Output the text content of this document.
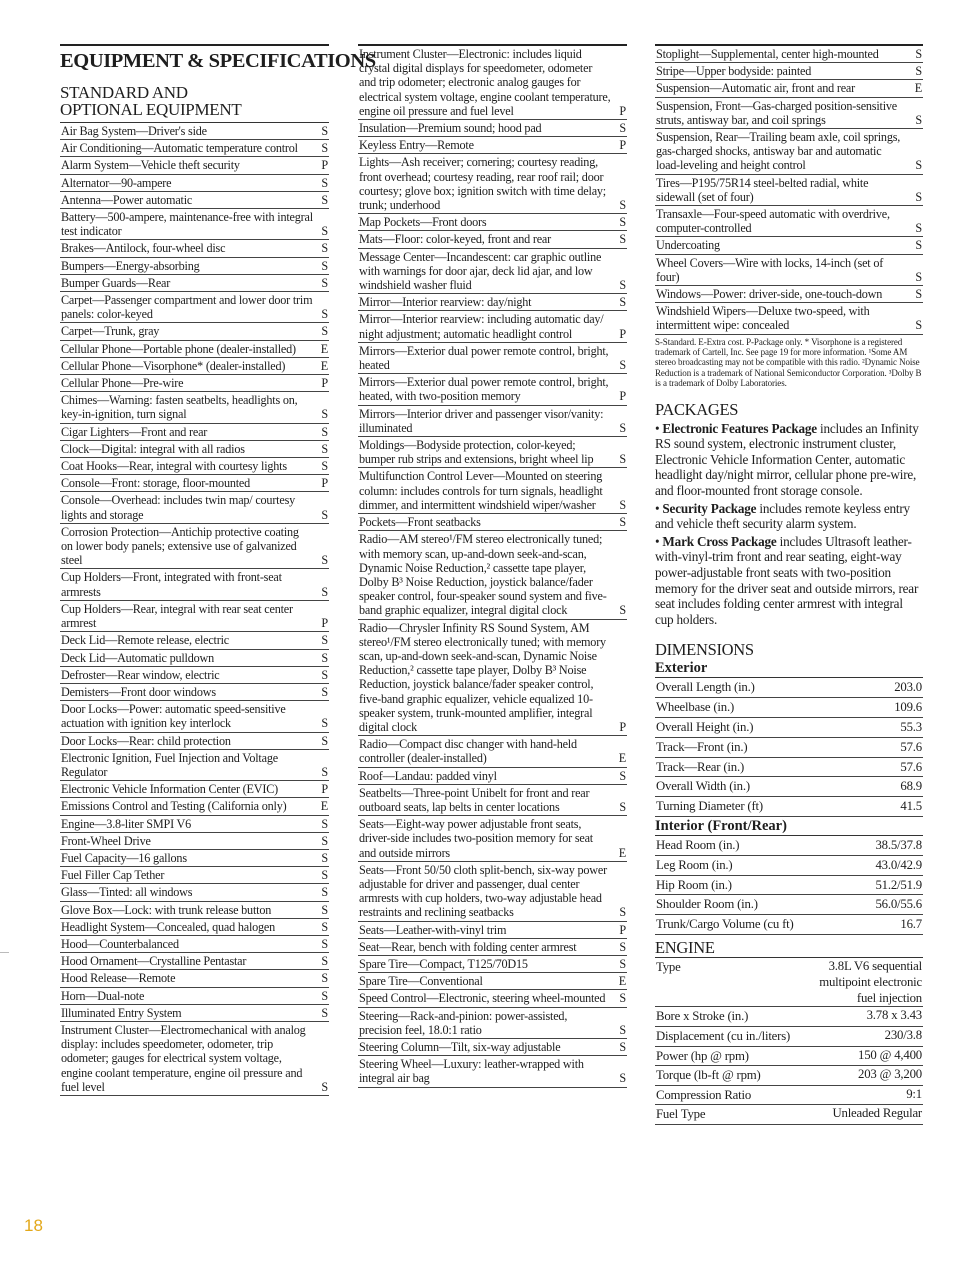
EQUIPMENT & SPECIFICATIONS
STANDARD AND
OPTIONAL EQUIPMENT
Air Bag System—Driver's side	S
Air Conditioning—Automatic temperature control S
Alarm System—Vehicle theft security	P
Alternator—90-ampere	S
Antenna—Power automatic	S
Battery—500-ampere, maintenance-free with integral test indicator	S
Brakes—Antilock, four-wheel disc	S
Bumpers—Energy-absorbing	S
Bumper Guards—Rear	S
Carpet—Passenger compartment and lower door trim panels: color-keyed	S
Carpet—Trunk, gray	S
Cellular Phone—Portable phone (dealer-installed) E
Cellular Phone—Visorphone* (dealer-installed)	E
Cellular Phone—Pre-wire	P
Chimes—Warning: fasten seatbelts, headlights on, key-in-ignition, turn signal	S
Cigar Lighters—Front and rear	S
Clock—Digital: integral with all radios	S
Coat Hooks—Rear, integral with courtesy lights	S
Console—Front: storage, floor-mounted	P
Console—Overhead: includes twin map/ courtesy lights and storage	S
Corrosion Protection—Antichip protective coating on lower body panels; extensive use of galvanized steel	S
Cup Holders—Front, integrated with front-seat armrests	S
Cup Holders—Rear, integral with rear seat center armrest	P
Deck Lid—Remote release, electric	S
Deck Lid—Automatic pulldown	S
Defroster—Rear window, electric	S
Demisters—Front door windows	S
Door Locks—Power: automatic speed-sensitive actuation with ignition key interlock	S
Door Locks—Rear: child protection	S
Electronic Ignition, Fuel Injection and Voltage Regulator	S
Electronic Vehicle Information Center (EVIC)	P
Emissions Control and Testing (California only)	E
Engine—3.8-liter SMPI V6	S
Front-Wheel Drive	S
Fuel Capacity—16 gallons	S
Fuel Filler Cap Tether	S
Glass—Tinted: all windows	S
Glove Box—Lock: with trunk release button	S
Headlight System—Concealed, quad halogen	S
Hood—Counterbalanced	S
Hood Ornament—Crystalline Pentastar	S
Hood Release—Remote	S
Horn—Dual-note	S
Illuminated Entry System	S
Instrument Cluster—Electromechanical with analog display: includes speedometer, odometer, trip odometer; gauges for electrical system voltage, engine coolant temperature, engine oil pressure and fuel level	S
Instrument Cluster—Electronic: includes liquid crystal digital displays for speedometer, odometer and trip odometer; electronic analog gauges for electrical system voltage, engine coolant temperature, engine oil pressure and fuel level	P
Insulation—Premium sound; hood pad	S
Keyless Entry—Remote	P
Lights—Ash receiver; cornering; courtesy reading, front overhead; courtesy reading, rear roof rail; door courtesy; glove box; ignition switch with time delay; trunk; underhood	S
Map Pockets—Front doors	S
Mats—Floor: color-keyed, front and rear	S
Message Center—Incandescent: car graphic outline with warnings for door ajar, deck lid ajar, and low windshield washer fluid	S
Mirror—Interior rearview: day/night	S
Mirror—Interior rearview: including automatic day/ night adjustment; automatic headlight control	P
Mirrors—Exterior dual power remote control, bright, heated	S
Mirrors—Exterior dual power remote control, bright, heated, with two-position memory	P
Mirrors—Interior driver and passenger visor/vanity: illuminated	S
Moldings—Bodyside protection, color-keyed; bumper rub strips and extensions, bright wheel lip S
Multifunction Control Lever—Mounted on steering column: includes controls for turn signals, headlight dimmer, and intermittent windshield wiper/washer S
Pockets—Front seatbacks	S
Radio—AM stereo¹/FM stereo electronically tuned; with memory scan, up-and-down seek-and-scan, Dynamic Noise Reduction,² cassette tape player, Dolby B³ Noise Reduction, joystick balance/fader speaker control, four-speaker sound system and five-band graphic equalizer, integral digital clock	S
Radio—Chrysler Infinity RS Sound System, AM stereo¹/FM stereo electronically tuned; with memory scan, up-and-down seek-and-scan, Dynamic Noise Reduction,² cassette tape player, Dolby B³ Noise Reduction, joystick balance/fader speaker control, five-band graphic equalizer, vehicle equalized 10-speaker system, trunk-mounted amplifier, integral digital clock	P
Radio—Compact disc changer with hand-held controller (dealer-installed)	E
Roof—Landau: padded vinyl	S
Seatbelts—Three-point Unibelt for front and rear outboard seats, lap belts in center locations	S
Seats—Eight-way power adjustable front seats, driver-side includes two-position memory for seat and outside mirrors	E
Seats—Front 50/50 cloth split-bench, six-way power adjustable for driver and passenger, dual center armrests with cup holders, two-way adjustable head restraints and reclining seatbacks	S
Seats—Leather-with-vinyl trim	P
Seat—Rear, bench with folding center armrest	S
Spare Tire—Compact, T125/70D15	S
Spare Tire—Conventional	E
Speed Control—Electronic, steering wheel-mounted S
Steering—Rack-and-pinion: power-assisted, precision feel, 18.0:1 ratio	S
Steering Column—Tilt, six-way adjustable	S
Steering Wheel—Luxury: leather-wrapped with integral air bag	S
Stoplight—Supplemental, center high-mounted	S
Stripe—Upper bodyside: painted	S
Suspension—Automatic air, front and rear	E
Suspension, Front—Gas-charged position-sensitive struts, antisway bar, and coil springs	S
Suspension, Rear—Trailing beam axle, coil springs, gas-charged shocks, antisway bar and automatic load-leveling and height control	S
Tires—P195/75R14 steel-belted radial, white sidewall (set of four)	S
Transaxle—Four-speed automatic with overdrive, computer-controlled	S
Undercoating	S
Wheel Covers—Wire with locks, 14-inch (set of four)	S
Windows—Power: driver-side, one-touch-down	S
Windshield Wipers—Deluxe two-speed, with intermittent wipe: concealed	S
S-Standard. E-Extra cost. P-Package only. * Visorphone is a registered trademark of Cartell, Inc. See page 19 for more information. ¹Some AM stereo broadcasting may not be compatible with this radio. ²Dynamic Noise Reduction is a trademark of National Semiconductor Corporation. ³Dolby B is a trademark of Dolby Laboratories.
PACKAGES
• Electronic Features Package includes an Infinity RS sound system, electronic instrument cluster, Electronic Vehicle Information Center, automatic headlight day/night mirror, cellular phone pre-wire, and floor-mounted front storage console.
• Security Package includes remote keyless entry and vehicle theft security alarm system.
• Mark Cross Package includes Ultrasoft leather-with-vinyl-trim front and rear seating, eight-way power-adjustable front seats with two-position memory for the driver seat and outside mirrors, rear seat includes folding center armrest with integral cup holders.
DIMENSIONS
Exterior
Overall Length (in.)	203.0
Wheelbase (in.)	109.6
Overall Height (in.)	55.3
Track—Front (in.)	57.6
Track—Rear (in.)	57.6
Overall Width (in.)	68.9
Turning Diameter (ft)	41.5
Interior (Front/Rear)
Head Room (in.)	38.5/37.8
Leg Room (in.)	43.0/42.9
Hip Room (in.)	51.2/51.9
Shoulder Room (in.)	56.0/55.6
Trunk/Cargo Volume (cu ft)	16.7
ENGINE
Type	3.8L V6 sequential
multipoint electronic
fuel injection
Bore x Stroke (in.)	3.78 x 3.43
Displacement (cu in./liters)	230/3.8
Power (hp @ rpm)	150 @ 4,400
Torque (lb-ft @ rpm)	203 @ 3,200
Compression Ratio	9:1
Fuel Type	Unleaded Regular
18
